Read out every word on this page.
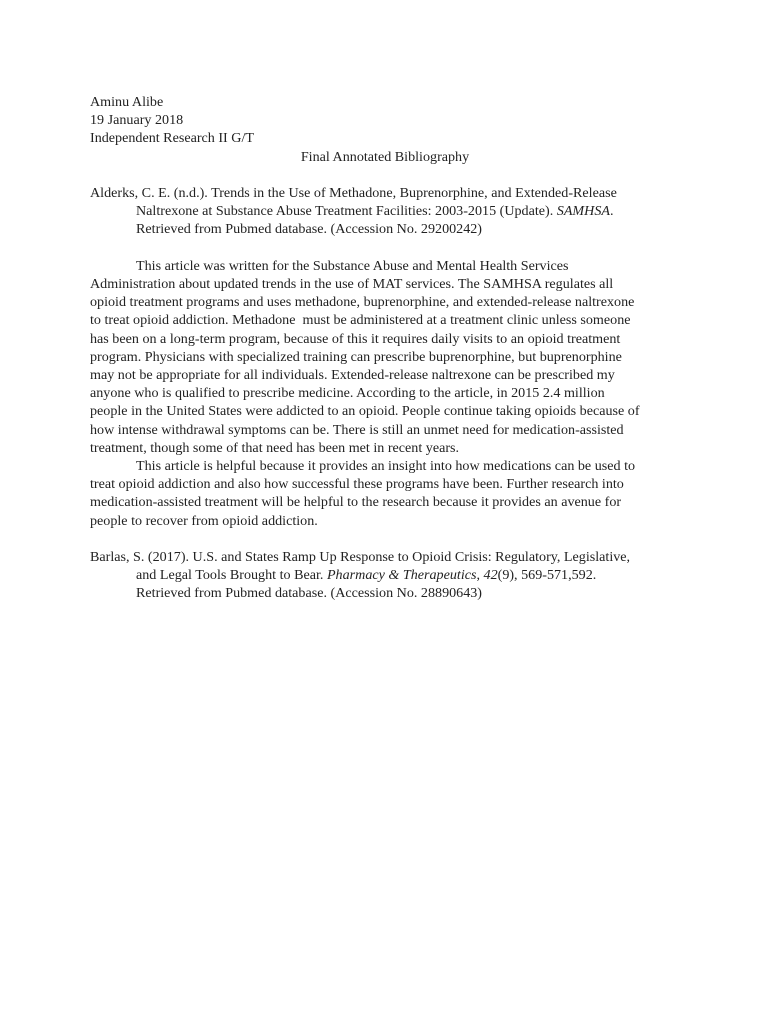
Aminu Alibe
19 January 2018
Independent Research II G/T
Final Annotated Bibliography
Alderks, C. E. (n.d.). Trends in the Use of Methadone, Buprenorphine, and Extended-Release
Naltrexone at Substance Abuse Treatment Facilities: 2003-2015 (Update). SAMHSA.
Retrieved from Pubmed database. (Accession No. 29200242)
This article was written for the Substance Abuse and Mental Health Services
Administration about updated trends in the use of MAT services. The SAMHSA regulates all
opioid treatment programs and uses methadone, buprenorphine, and extended-release naltrexone
to treat opioid addiction. Methadone  must be administered at a treatment clinic unless someone
has been on a long-term program, because of this it requires daily visits to an opioid treatment
program. Physicians with specialized training can prescribe buprenorphine, but buprenorphine
may not be appropriate for all individuals. Extended-release naltrexone can be prescribed my
anyone who is qualified to prescribe medicine. According to the article, in 2015 2.4 million
people in the United States were addicted to an opioid. People continue taking opioids because of
how intense withdrawal symptoms can be. There is still an unmet need for medication-assisted
treatment, though some of that need has been met in recent years.
This article is helpful because it provides an insight into how medications can be used to
treat opioid addiction and also how successful these programs have been. Further research into
medication-assisted treatment will be helpful to the research because it provides an avenue for
people to recover from opioid addiction.
Barlas, S. (2017). U.S. and States Ramp Up Response to Opioid Crisis: Regulatory, Legislative,
and Legal Tools Brought to Bear. Pharmacy & Therapeutics, 42(9), 569-571,592.
Retrieved from Pubmed database. (Accession No. 28890643)
